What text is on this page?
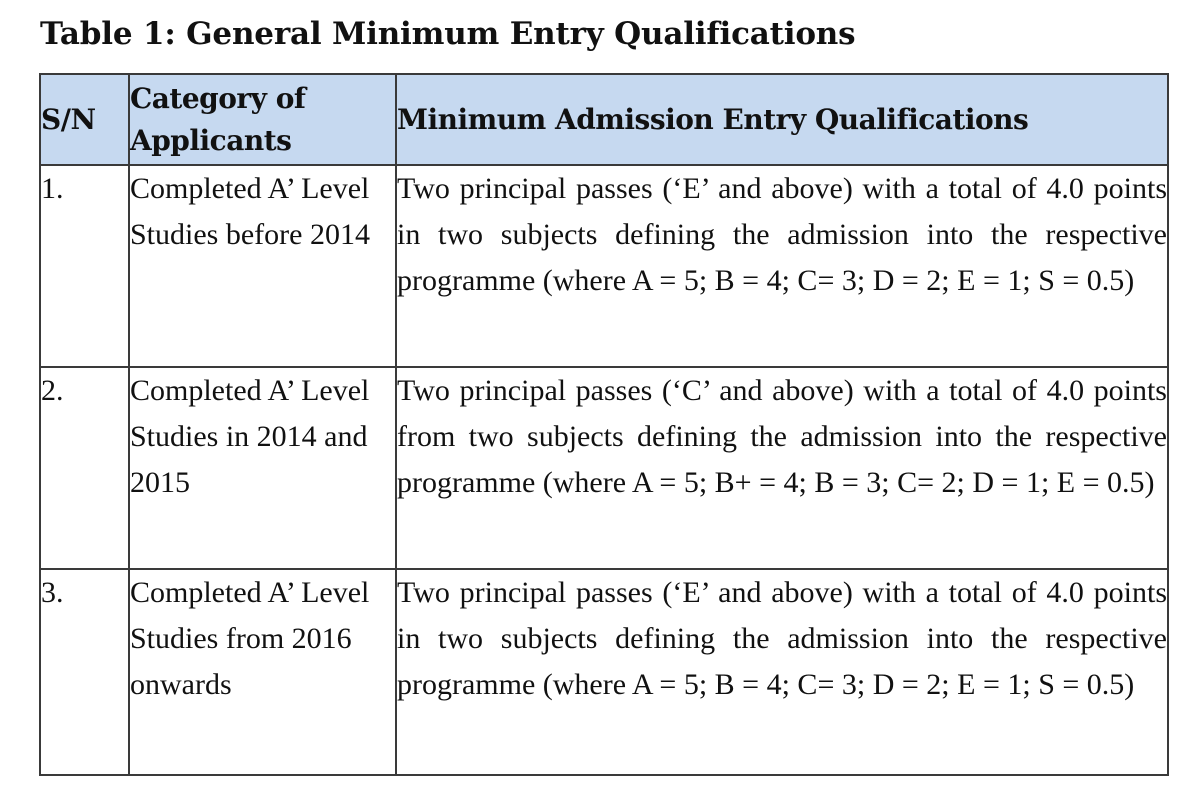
Table 1: General Minimum Entry Qualifications
S/N	Category of Applicants	Minimum Admission Entry Qualifications
1.	Completed A’ Level Studies before 2014	Two principal passes (‘E’ and above) with a total of 4.0 points in two subjects defining the admission into the respective programme (where A = 5; B = 4; C= 3; D = 2; E = 1; S = 0.5)
2.	Completed A’ Level Studies in 2014 and 2015	Two principal passes (‘C’ and above) with a total of 4.0 points from two subjects defining the admission into the respective programme (where A = 5; B+ = 4; B = 3; C= 2; D = 1; E = 0.5)
3.	Completed A’ Level Studies from 2016 onwards	Two principal passes (‘E’ and above) with a total of 4.0 points in two subjects defining the admission into the respective programme (where A = 5; B = 4; C= 3; D = 2; E = 1; S = 0.5)
